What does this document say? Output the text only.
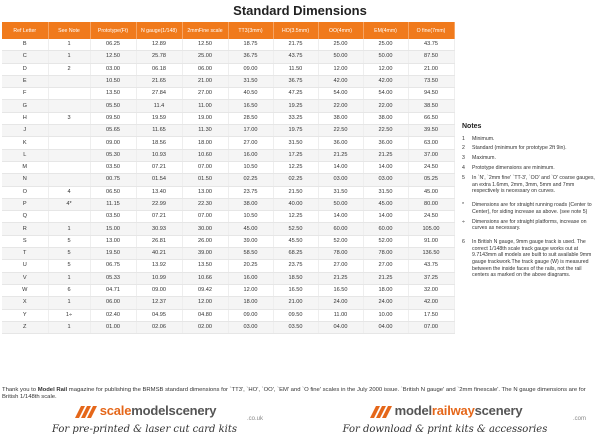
Standard Dimensions
Ref Letter	See Note	Prototype(Ft)	N gauge(1/148)	2mmFine scale	TT3(3mm)	HO(3.5mm)	OO(4mm)	EM(4mm)	O fine(7mm)
B	1	06.25	12.89	12.50	18.75	21.75	25.00	25.00	43.75
C	1	12.50	25.78	25.00	36.75	43.75	50.00	50.00	87.50
D	2	03.00	06.18	06.00	09.00	11.50	12.00	12.00	21.00
E		10.50	21.65	21.00	31.50	36.75	42.00	42.00	73.50
F		13.50	27.84	27.00	40.50	47.25	54.00	54.00	94.50
G		05.50	11.4	11.00	16.50	19.25	22.00	22.00	38.50
H	3	09.50	19.59	19.00	28.50	33.25	38.00	38.00	66.50
J		05.65	11.65	11.30	17.00	19.75	22.50	22.50	39.50
K		09.00	18.56	18.00	27.00	31.50	36.00	36.00	63.00
L		05.30	10.93	10.60	16.00	17.25	21.25	21.25	37.00
M		03.50	07.21	07.00	10.50	12.25	14.00	14.00	24.50
N		00.75	01.54	01.50	02.25	02.25	03.00	03.00	05.25
O	4	06.50	13.40	13.00	23.75	21.50	31.50	31.50	45.00
P	4*	11.15	22.99	22.30	38.00	40.00	50.00	45.00	80.00
Q		03.50	07.21	07.00	10.50	12.25	14.00	14.00	24.50
R	1	15.00	30.93	30.00	45.00	52.50	60.00	60.00	105.00
S	5	13.00	26.81	26.00	39.00	45.50	52.00	52.00	91.00
T	5	19.50	40.21	39.00	58.50	68.25	78.00	78.00	136.50
U	5	06.75	13.92	13.50	20.25	23.75	27.00	27.00	43.75
V	1	05.33	10.99	10.66	16.00	18.50	21.25	21.25	37.25
W	6	04.71	09.00	09.42	12.00	16.50	16.50	18.00	32.00
X	1	06.00	12.37	12.00	18.00	21.00	24.00	24.00	42.00
Y	1÷	02.40	04.95	04.80	09.00	09.50	11.00	10.00	17.50
Z	1	01.00	02.06	02.00	03.00	03.50	04.00	04.00	07.00
Notes
1	Minimum.
2	Standard (minimum for prototype 2ft 9in).
3	Maximum.
4	Prototype dimensions are minimum.
5	In `N', `2mm fine' `TT-3', `OO' and `O' coarse gauges, an extra 1.6mm, 2mm, 3mm, 5mm and 7mm respectively is necessary on curves.
*	Dimensions are for straight running roads (Center to Center), for siding increase as above. (see note 5)
÷	Dimensions are for straight platforms, increase on curves as necessary.
6	In British N gauge, 9mm gauge track is used. The correct 1/148th scale track gauge works out at 9.7143mm all models are built to suit available 9mm gauge trackwork.The track gauge (W) is measured between the inside faces of the rails, not the rail centers as marked on the above diagrams.
Thank you to Model Rail magazine for publishing the BRMSB standard dimensions for `TT3', `HO', `OO', `EM' and `O fine' scales in the July 2000 issue. `British N gauge' and `2mm finescale'. The N gauge dimensions are for British 1/148th scale.
scalemodelscenery
.co.uk
For pre-printed & laser cut card kits
modelrailwayscenery
.com
For download & print kits & accessories
